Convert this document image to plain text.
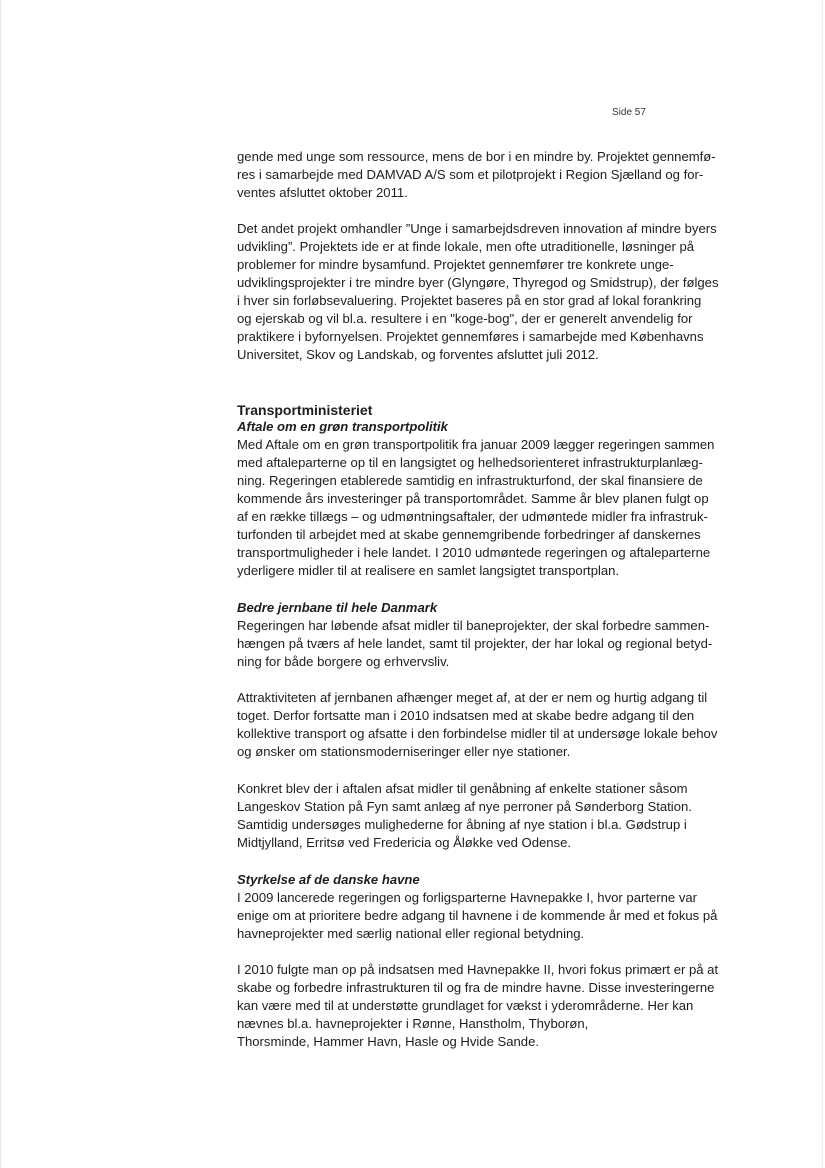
Side 57

gende med unge som ressource, mens de bor i en mindre by. Projektet gennemfø-
res i samarbejde med DAMVAD A/S som et pilotprojekt i Region Sjælland og for-
ventes afsluttet oktober 2011.

Det andet projekt omhandler ”Unge i samarbejdsdreven innovation af mindre byers
udvikling”. Projektets ide er at finde lokale, men ofte utraditionelle, løsninger på
problemer for mindre bysamfund. Projektet gennemfører tre konkrete unge-
udviklingsprojekter i tre mindre byer (Glyngøre, Thyregod og Smidstrup), der følges
i hver sin forløbsevaluering. Projektet baseres på en stor grad af lokal forankring
og ejerskab og vil bl.a. resultere i en "koge-bog", der er generelt anvendelig for
praktikere i byfornyelsen. Projektet gennemføres i samarbejde med Københavns
Universitet, Skov og Landskab, og forventes afsluttet juli 2012.

Transportministeriet
Aftale om en grøn transportpolitik

Med Aftale om en grøn transportpolitik fra januar 2009 lægger regeringen sammen
med aftaleparterne op til en langsigtet og helhedsorienteret infrastrukturplanlæg-
ning. Regeringen etablerede samtidig en infrastrukturfond, der skal finansiere de
kommende års investeringer på transportområdet. Samme år blev planen fulgt op
af en række tillægs – og udmøntningsaftaler, der udmøntede midler fra infrastruk-
turfonden til arbejdet med at skabe gennemgribende forbedringer af danskernes
transportmuligheder i hele landet. I 2010 udmøntede regeringen og aftaleparterne
yderligere midler til at realisere en samlet langsigtet transportplan.

Bedre jernbane til hele Danmark

Regeringen har løbende afsat midler til baneprojekter, der skal forbedre sammen-
hængen på tværs af hele landet, samt til projekter, der har lokal og regional betyd-
ning for både borgere og erhvervsliv.

Attraktiviteten af jernbanen afhænger meget af, at der er nem og hurtig adgang til
toget. Derfor fortsatte man i 2010 indsatsen med at skabe bedre adgang til den
kollektive transport og afsatte i den forbindelse midler til at undersøge lokale behov
og ønsker om stationsmoderniseringer eller nye stationer.

Konkret blev der i aftalen afsat midler til genåbning af enkelte stationer såsom
Langeskov Station på Fyn samt anlæg af nye perroner på Sønderborg Station.
Samtidig undersøges mulighederne for åbning af nye station i bl.a. Gødstrup i
Midtjylland, Erritsø ved Fredericia og Åløkke ved Odense.

Styrkelse af de danske havne

I 2009 lancerede regeringen og forligsparterne Havnepakke I, hvor parterne var
enige om at prioritere bedre adgang til havnene i de kommende år med et fokus på
havneprojekter med særlig national eller regional betydning.

I 2010 fulgte man op på indsatsen med Havnepakke II, hvori fokus primært er på at
skabe og forbedre infrastrukturen til og fra de mindre havne. Disse investeringerne
kan være med til at understøtte grundlaget for vækst i yderområderne. Her kan
nævnes bl.a. havneprojekter i Rønne, Hanstholm, Thyborøn,
Thorsminde, Hammer Havn, Hasle og Hvide Sande.
